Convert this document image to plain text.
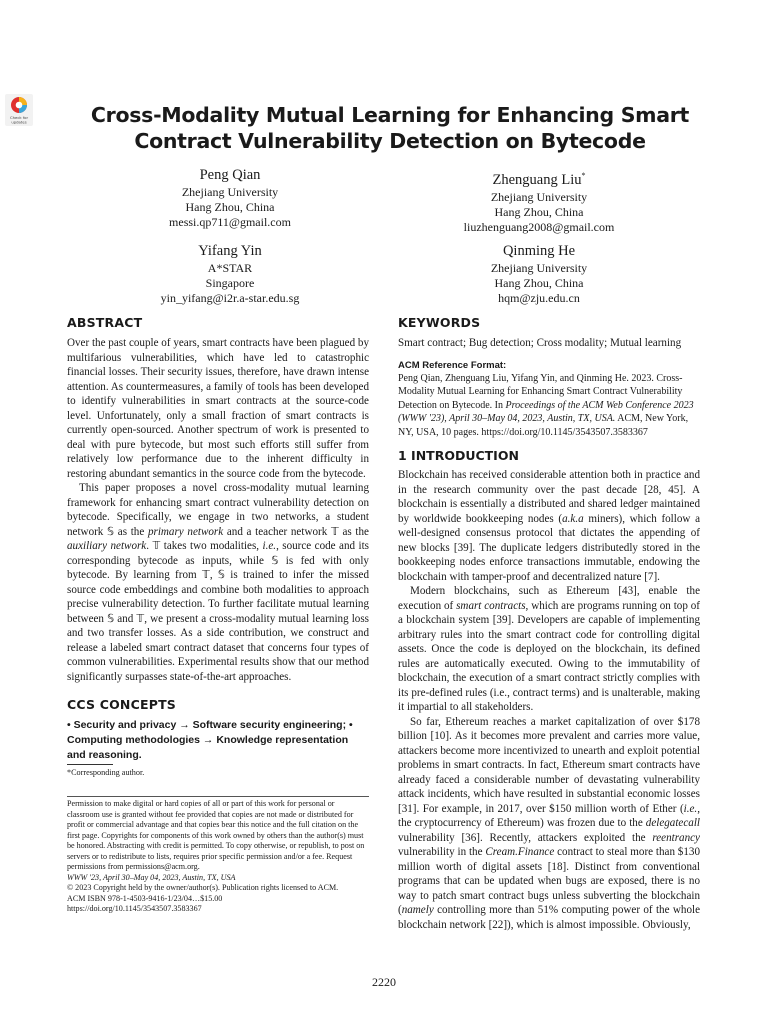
Check for
updates	Cross-Modality Mutual Learning for Enhancing Smart Contract Vulnerability Detection on Bytecode
Peng Qian
Zhejiang University
Hang Zhou, China
messi.qp711@gmail.com
Zhenguang Liu*
Zhejiang University
Hang Zhou, China
liuzhenguang2008@gmail.com
Yifang Yin
A*STAR
Singapore
yin_yifang@i2r.a-star.edu.sg
Qinming He
Zhejiang University
Hang Zhou, China
hqm@zju.edu.cn
ABSTRACT

Over the past couple of years, smart contracts have been plagued by multifarious vulnerabilities, which have led to catastrophic financial losses. Their security issues, therefore, have drawn intense attention. As countermeasures, a family of tools has been developed to identify vulnerabilities in smart contracts at the source-code level. Unfortunately, only a small fraction of smart contracts is currently open-sourced. Another spectrum of work is presented to deal with pure bytecode, but most such efforts still suffer from relatively low performance due to the inherent difficulty in restoring abundant semantics in the source code from the bytecode.

This paper proposes a novel cross-modality mutual learning framework for enhancing smart contract vulnerability detection on bytecode. Specifically, we engage in two networks, a student network 𝕊 as the primary network and a teacher network 𝕋 as the auxiliary network. 𝕋 takes two modalities, i.e., source code and its corresponding bytecode as inputs, while 𝕊 is fed with only bytecode. By learning from 𝕋, 𝕊 is trained to infer the missed source code embeddings and combine both modalities to approach precise vulnerability detection. To further facilitate mutual learning between 𝕊 and 𝕋, we present a cross-modality mutual learning loss and two transfer losses. As a side contribution, we construct and release a labeled smart contract dataset that concerns four types of common vulnerabilities. Experimental results show that our method significantly surpasses state-of-the-art approaches.

CCS CONCEPTS
• Security and privacy → Software security engineering; • Computing methodologies → Knowledge representation and reasoning.
*Corresponding author.
Permission to make digital or hard copies of all or part of this work for personal or classroom use is granted without fee provided that copies are not made or distributed for profit or commercial advantage and that copies bear this notice and the full citation on the first page. Copyrights for components of this work owned by others than the author(s) must be honored. Abstracting with credit is permitted. To copy otherwise, or republish, to post on servers or to redistribute to lists, requires prior specific permission and/or a fee. Request permissions from permissions@acm.org.
WWW '23, April 30–May 04, 2023, Austin, TX, USA
© 2023 Copyright held by the owner/author(s). Publication rights licensed to ACM.
ACM ISBN 978-1-4503-9416-1/23/04…$15.00
https://doi.org/10.1145/3543507.3583367
KEYWORDS

Smart contract; Bug detection; Cross modality; Mutual learning

ACM Reference Format:
Peng Qian, Zhenguang Liu, Yifang Yin, and Qinming He. 2023. Cross-Modality Mutual Learning for Enhancing Smart Contract Vulnerability Detection on Bytecode. In Proceedings of the ACM Web Conference 2023 (WWW '23), April 30–May 04, 2023, Austin, TX, USA. ACM, New York, NY, USA, 10 pages. https://doi.org/10.1145/3543507.3583367
1 INTRODUCTION

Blockchain has received considerable attention both in practice and in the research community over the past decade [28, 45]. A blockchain is essentially a distributed and shared ledger maintained by worldwide bookkeeping nodes (a.k.a miners), which follow a well-designed consensus protocol that dictates the appending of new blocks [39]. The duplicate ledgers distributedly stored in the bookkeeping nodes enforce transactions immutable, endowing the blockchain with tamper-proof and decentralized nature [7].

Modern blockchains, such as Ethereum [43], enable the execution of smart contracts, which are programs running on top of a blockchain system [39]. Developers are capable of implementing arbitrary rules into the smart contract code for controlling digital assets. Once the code is deployed on the blockchain, its defined rules are automatically executed. Owing to the immutability of blockchain, the execution of a smart contract strictly complies with its pre-defined rules (i.e., contract terms) and is unalterable, making it impartial to all stakeholders.

So far, Ethereum reaches a market capitalization of over $178 billion [10]. As it becomes more prevalent and carries more value, attackers become more incentivized to unearth and exploit potential problems in smart contracts. In fact, Ethereum smart contracts have already faced a considerable number of devastating vulnerability attack incidents, which have resulted in substantial economic losses [31]. For example, in 2017, over $150 million worth of Ether (i.e., the cryptocurrency of Ethereum) was frozen due to the delegatecall vulnerability [36]. Recently, attackers exploited the reentrancy vulnerability in the Cream.Finance contract to steal more than $130 million worth of digital assets [18]. Distinct from conventional programs that can be updated when bugs are exposed, there is no way to patch smart contract bugs unless subverting the blockchain (namely controlling more than 51% computing power of the whole blockchain network [22]), which is almost impossible. Obviously,

2220
